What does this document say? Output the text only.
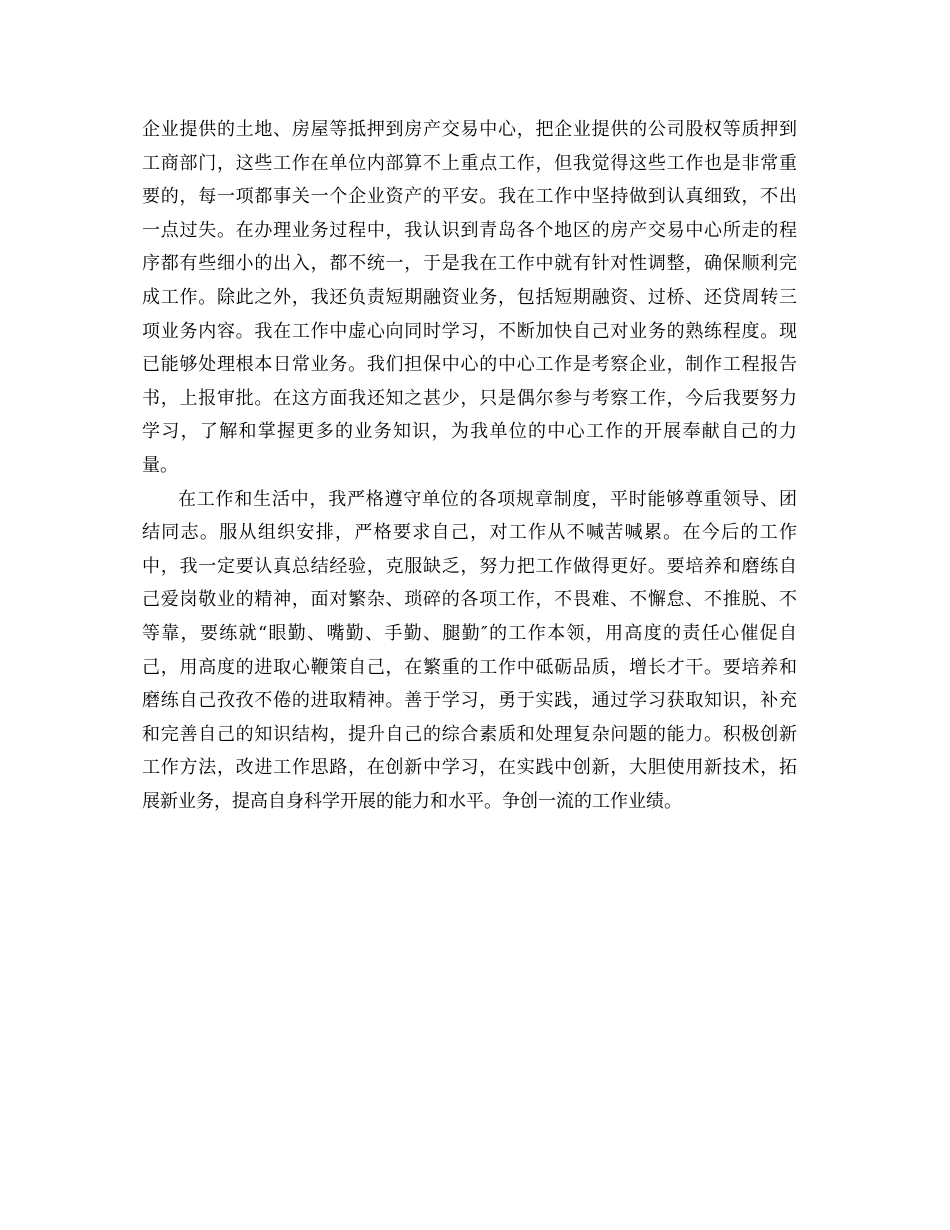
企业提供的土地、房屋等抵押到房产交易中心，把企业提供的公司股权等质押到
工商部门，这些工作在单位内部算不上重点工作，但我觉得这些工作也是非常重
要的，每一项都事关一个企业资产的平安。我在工作中坚持做到认真细致，不出
一点过失。在办理业务过程中，我认识到青岛各个地区的房产交易中心所走的程
序都有些细小的出入，都不统一，于是我在工作中就有针对性调整，确保顺利完
成工作。除此之外，我还负责短期融资业务，包括短期融资、过桥、还贷周转三
项业务内容。我在工作中虚心向同时学习，不断加快自己对业务的熟练程度。现
已能够处理根本日常业务。我们担保中心的中心工作是考察企业，制作工程报告
书，上报审批。在这方面我还知之甚少，只是偶尔参与考察工作，今后我要努力
学习，了解和掌握更多的业务知识，为我单位的中心工作的开展奉献自己的力
量。
在工作和生活中，我严格遵守单位的各项规章制度，平时能够尊重领导、团
结同志。服从组织安排，严格要求自己，对工作从不喊苦喊累。在今后的工作
中，我一定要认真总结经验，克服缺乏，努力把工作做得更好。要培养和磨练自
己爱岗敬业的精神，面对繁杂、琐碎的各项工作，不畏难、不懈怠、不推脱、不
等靠，要练就“眼勤、嘴勤、手勤、腿勤″的工作本领，用高度的责任心催促自
己，用高度的进取心鞭策自己，在繁重的工作中砥砺品质，增长才干。要培养和
磨练自己孜孜不倦的进取精神。善于学习，勇于实践，通过学习获取知识，补充
和完善自己的知识结构，提升自己的综合素质和处理复杂问题的能力。积极创新
工作方法，改进工作思路，在创新中学习，在实践中创新，大胆使用新技术，拓
展新业务，提高自身科学开展的能力和水平。争创一流的工作业绩。
